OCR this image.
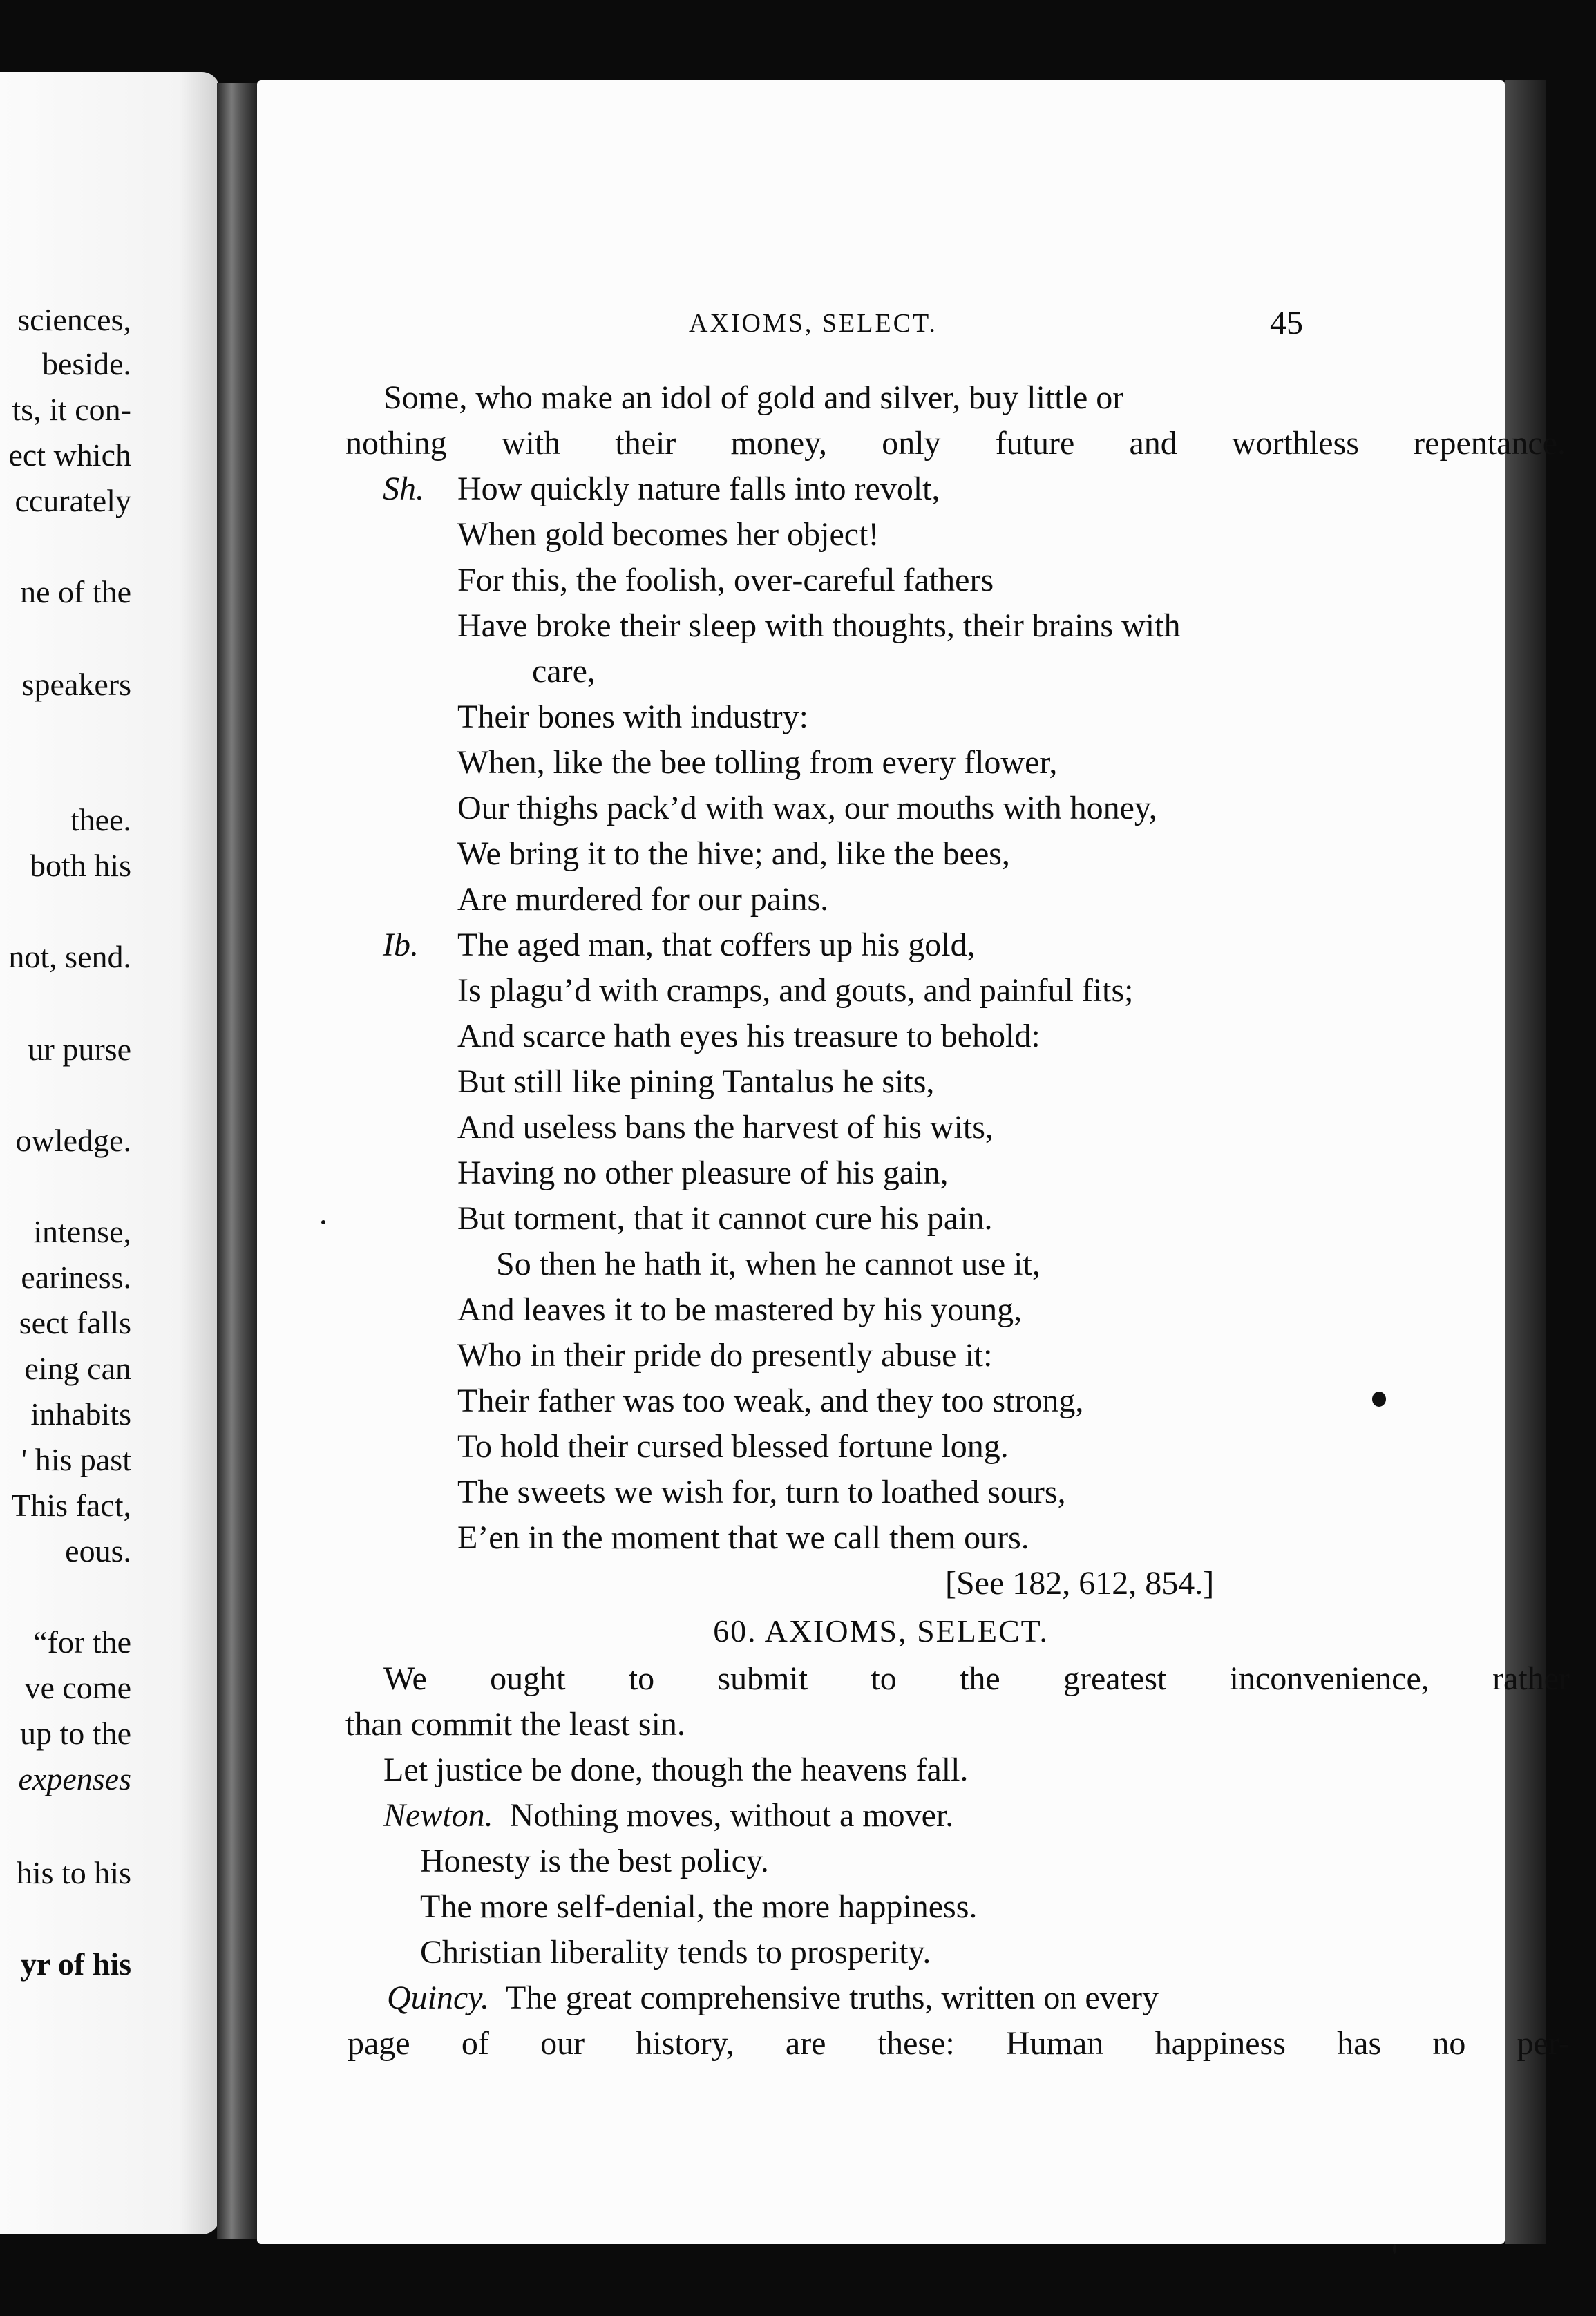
sciences,
beside.
ts, it con-
ect which
ccurately
ne of the
speakers
thee.
both his
not, send.
ur purse
owledge.
intense,
eariness.
sect falls
eing can
inhabits
' his past
This fact,
eous.
“for the
ve come
up to the
expenses
his to his
yr of his
AXIOMS, SELECT.	45
Some, who make an idol of gold and silver, buy little or
nothing with their money, only future and worthless repentance.
Sh. How quickly nature falls into revolt,
When gold becomes her object!
For this, the foolish, over-careful fathers
Have broke their sleep with thoughts, their brains with
care,
Their bones with industry:
When, like the bee tolling from every flower,
Our thighs pack’d with wax, our mouths with honey,
We bring it to the hive; and, like the bees,
Are murdered for our pains.
Ib. The aged man, that coffers up his gold,
Is plagu’d with cramps, and gouts, and painful fits;
And scarce hath eyes his treasure to behold:
But still like pining Tantalus he sits,
And useless bans the harvest of his wits,
Having no other pleasure of his gain,
But torment, that it cannot cure his pain.
So then he hath it, when he cannot use it,
And leaves it to be mastered by his young,
Who in their pride do presently abuse it:
Their father was too weak, and they too strong,
To hold their cursed blessed fortune long.
The sweets we wish for, turn to loathed sours,
E’en in the moment that we call them ours.
[See 182, 612, 854.]
60. AXIOMS, SELECT.
We ought to submit to the greatest inconvenience, rather
than commit the least sin.
Let justice be done, though the heavens fall.
Newton. Nothing moves, without a mover.
Honesty is the best policy.
The more self-denial, the more happiness.
Christian liberality tends to prosperity.
Quincy. The great comprehensive truths, written on every
page of our history, are these: Human happiness has no per-
